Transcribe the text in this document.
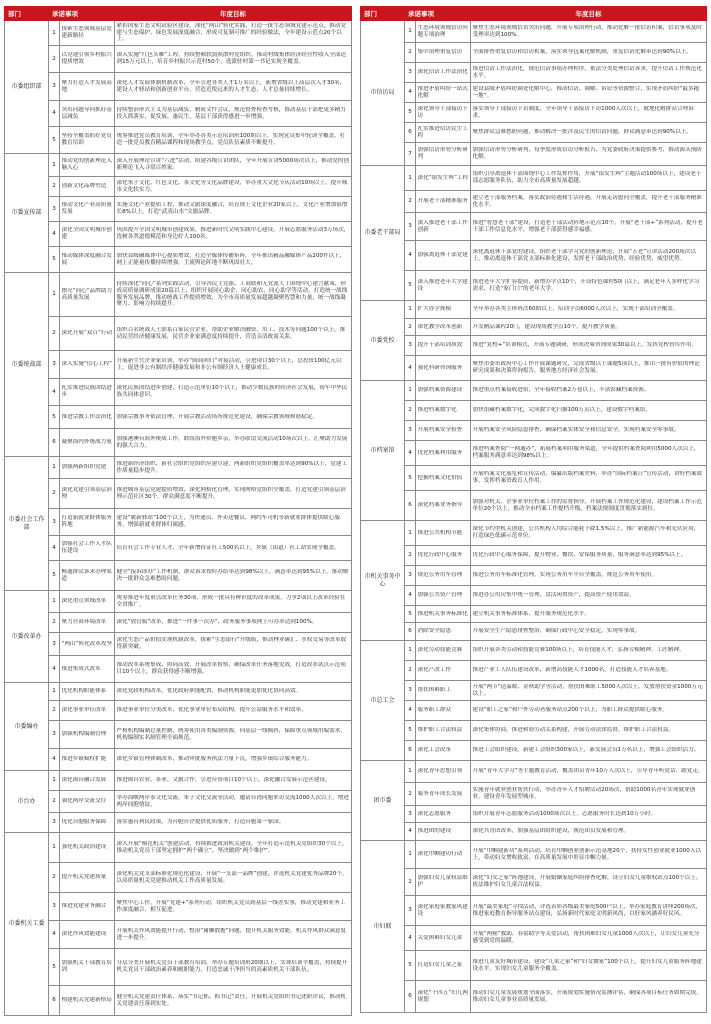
部门	承诺事项		年度目标
市委组织部	1	探索生态领域基层党建新路径	紧扣国家生态文明试验区建设，深化“两山”转化实践，打造一批生态领域党建示范点，推动党建与生态保护、绿色发展深度融合，形成可复制可推广的经验做法，全年建设示范点20个以上。

	2	以党建引领乡村振兴提质增效	深入实施“红色头雁”工程，持续整顿软弱涣散村党组织，推动村级集体经济经营性收入全部达到15万元以上，培育乡村振兴示范村50个，选派驻村第一书记实现全覆盖。

	3	聚力打造人才发展高地	深化人才发展体制机制改革，全年引进各类人才1万名以上，新增省级以上高层次人才30名，建设人才驿站和创新创业平台，营造近悦远来的人才生态，人才总量持续增长。

	4	突出问题导向抓好基层减负	持续整治形式主义为基层减负，精简文件会议，规范督查检查考核，推动基层干部把更多精力投入抓落实、促发展、惠民生，基层干部获得感进一步增强。

	5	坚持全覆盖抓好党员教育培训	统筹推进党员教育培训，全年举办各类示范培训班100期以上，实现党员集中轮训全覆盖，打造一批党员教育精品课程和现场教学点，党员队伍素质不断提升。

市委宣传部	1	推动党的创新理论入脑入心	深入开展理论宣讲“六进”活动，组建各级宣讲团队，全年开展宣讲5000场次以上，推动党的创新理论飞入寻常百姓家。

	2	创新文化品牌塑造	深化朱子文化、红色文化、茶文化等文化品牌建设，举办重大文化节庆活动10场以上，提升城市文化软实力。

	3	推动文化产业高质量发展	实施文化产业提质工程，推动文旅深度融合，培育规上文化企业20家以上，文化产业增加值增长8%以上，打造“武夷山水”文旅品牌。

	4	深化全国文明城市创建	巩固提升全国文明城市创建成果，推进新时代文明实践中心建设，开展志愿服务活动3万场次，选树各类道德模范和身边好人100名。

	5	推动媒体深度融合发展	加快县级融媒体中心提质增效，打造全媒体传播矩阵，全年推出精品融媒体产品200件以上，网上正能量传播持续增强，主流舆论阵地不断巩固壮大。

市委统战部	1	擦亮“同心”品牌助力高质量发展	持续深化“同心”系列实践活动，引导各民主党派、工商联和无党派人士围绕中心建言献策，形成高质量调研成果20篇以上；组织开展同心助企、同心助农、同心助学等活动，打造统一战线服务发展品牌，推动统战工作提质增效，为全市高质量发展超越凝聚智慧和力量，统一战线凝聚力、影响力持续提升。

	2	深化开展“双百”行动	组织百名统战人士联系百家民营企业，帮助企业解决融资、用工、技术等问题100个以上，推动民营经济健康发展，民营企业家满意度持续提升，营造亲清政商关系。

	3	深入实施“信心工程”	开展新生代企业家培训，举办“闽商回归”对接活动，引进项目30个以上，总投资100亿元以上，促进非公有制经济健康发展和非公有制经济人士健康成长。

	4	扎实推进民族团结进步	深化民族团结进步创建，打造示范单位10个以上，推动少数民族村经济社会发展，铸牢中华民族共同体意识。

	5	推进宗教工作法治化	加强宗教事务依法管理，开展宗教活动场所规范化建设，确保宗教领域和谐稳定。

	6	凝聚海内外统战力量	加强港澳台海外统战工作，联络海外侨胞乡亲，举办联谊交流活动10场次以上，汇聚助力发展的强大合力。

市委社会工作部	1	加强两新组织党建	推进新经济组织、新社会组织党组织应建尽建，两新组织党组织覆盖率达到90%以上，党建工作质量稳步提升。

	2	深化党建引领基层治理	推进城市基层党建提质增效，深化网格化管理，实现网格党组织全覆盖，打造党建引领基层治理示范社区30个，群众满意度不断提升。

	3	打造新就业群体服务阵地	建设“暖新驿站”100个以上，为快递员、外卖送餐员、网约车司机等新就业群体提供暖心服务，增强新就业群体归属感。

	4	加强社会工作人才队伍建设	培育社会工作专业人才，全年新增持证社工500名以上，乡镇（街道）社工站实现全覆盖。

	5	畅通群众诉求办理渠道	健全“接诉即办”工作机制，群众诉求按时办结率达到98%以上，满意率达到95%以上，推动解决一批群众急难愁盼问题。

市委改革办	1	深化重点领域改革	统筹推进年度重点改革任务30项，形成一批具有辨识度的改革成果，力争2项以上改革经验在全省推广。

	2	聚力营商环境改革	深化“放管服”改革，推进“一件事一次办”，政务服务事项网上可办率达到100%。

	3	“两山”转化改革攻坚	深化生态产品价值实现机制改革，探索“生态银行”升级版，推动林业碳汇、水权交易等改革取得新突破。

	4	推进集成式改革	推动改革系统集成、协同高效，开展改革督察，确保改革任务落地见效，打造改革试点示范项目10个以上，群众获得感不断增强。

市委编办	1	优化机构职能体系	深化党政机构改革，优化政府职能配置，推动机构职能更加优化协同高效。

	2	深化事业单位改革	推进事业单位分类改革，优化事业单位布局结构，提升公益服务水平和效率。

	3	加强机构编制管理	严格机构编制总量控制，统筹使用各类编制资源，向基层一线倾斜，保障重点领域用编需求，机构编制实名制管理全面规范。

	4	推进乡镇赋权扩能	深化乡镇管理体制改革，推动审批服务执法力量下沉，增强乡镇综合服务能力。

市台办	1	深化闽台融合发展	推进闽台农业、茶业、文旅合作，引进台资项目10个以上，深化融合发展示范区建设。

	2	强化两岸交流交往	举办海峡两岸茶文化交流、朱子文化交流等活动，邀请台湾同胞来访交流1000人次以上，增进两岸同胞情谊。

	3	优化台胞服务保障	落实惠台利民政策，为台胞台企提供优质服务，打造台胞第一家园。

市委机关工委	1	强化机关政治建设	深入开展“模范机关”创建活动，持续推进政治机关建设，全年打造示范机关党组织30个以上，推动机关党员干部坚定拥护“两个确立”、坚决做到“两个维护”。

	2	提升机关党建质量	深化机关党支部标准化规范化建设，开展“一支部一品牌”创建，评选机关党建优秀品牌20个，以高质量机关党建推动机关工作高质量发展。

	3	推进党建业务融合	聚焦中心工作，开展“党建+”系列行动，组织机关党员到基层一线办实事，推动党建和业务工作深度融合、相互促进。

	4	深化作风效能建设	开展机关作风效能提升行动，整治“庸懒散拖”问题，提升机关服务效能，机关作风群众满意度进一步提升。

	5	加强机关干部教育培训	分层分类开展机关党员干部教育培训，举办专题培训班20期以上，实现培训全覆盖，持续提升机关党员干部政治素养和履职能力，打造忠诚干净担当的高素质机关干部队伍。

	6	构建机关党建新格局	健全机关党建责任体系，落实“书记抓、抓书记”责任，开展机关党组织书记述职评议，推动机关党建责任落到实处。
部门	承诺事项		年度目标
市信访局	1	生态环境领域信访问题专项治理	聚焦生态环境领域信访突出问题，开展专项治理行动，推动化解一批信访积案，信访事项及时受理率达到100%。

	2	集中治理重复信访	全面排查重复信访和信访积案，落实领导包案化解机制，重复信访化解率达到90%以上。

	3	深化信访工作法治化	推进信访工作法治化，规范信访事项办理程序，依法分类处理信访诉求，提升信访工作规范化水平。

	4	推进矛盾纠纷一站式化解	建设县级矛盾纠纷调处化解中心，推动信访、调解、诉讼等资源整合，实现矛盾纠纷“最多跑一地”。

	5	深化领导干部接访下访	落实领导干部接访下访制度，全年领导干部接访下访1000人次以上，就地化解群众合理诉求。

	6	扎实推进信访民生工程	聚焦群众急难愁盼问题，推动解决一批涉及民生的信访问题，群众满意率达到90%以上。

	7	加强信访形势分析研判	加强信访形势分析研判，每季度形成信访分析报告，为党委政府决策提供参考，推动源头预防化解。

市委老干部局	1	深化“银发生辉”工程	组织引导离退休干部围绕中心工作发挥作用，开展“银发生辉”主题活动100场以上，建设老干部志愿服务队伍，助力全市高质量发展超越。

	2	开展老干部精准服务	建立老干部服务档案，落实政治待遇和生活待遇，开展走访慰问全覆盖，提升老干部服务精准化水平。

	3	深入推进老干部工作创新	推进“智慧老干部”建设，打造老干部活动阵地示范点10个，开展“老干部+”系列活动，提升老干部工作信息化水平，增强老干部获得感幸福感。

	4	加强离退休干部党建	深化离退休干部党的建设，组织老干部学习党的创新理论，开展“五老”宣讲活动200场次以上，推动离退休干部党支部标准化建设，发挥老干部政治优势、经验优势、威望优势。

	5	深入推进老年大学建设	推进老年大学扩容提质，新增办学点10个，开设特色课程50门以上，满足老年人多样化学习需求，打造“家门口”的老年大学。

市委党校	1	扩大办学规模	全年举办各类主体班次60期以上，培训学员6000人次以上，实现干部培训全覆盖。

	2	深化教学改革创新	开发精品课程20门，建设现场教学点10个，提升教学质量。

	3	提升干部培训质效	推进“党校+”培训模式，开展专题调研，形成决策咨询成果30篇以上，发挥党校智库作用。

	4	强化科研咨询服务	聚焦市委市政府中心工作开展课题研究，完成省级以上课题5项以上，推出一批有价值的理论研究成果和决策咨询报告，服务地方经济社会发展。

市档案馆	1	加强档案资源建设	推进重点档案接收进馆，全年接收档案2万卷以上，丰富馆藏档案资源。

	2	推进档案数字化	加快馆藏档案数字化，完成数字化扫描100万页以上，建设数字档案馆。

	3	开展档案安全检查	开展档案安全风险隐患排查，确保档案实体安全和信息安全，实现档案安全零事故。

	4	优化档案利用服务	推进档案查阅“一网通办”，拓展档案利用服务渠道，全年提供档案查阅利用5000人次以上，档案服务满意率达到98%以上。

	5	挖掘档案文化价值	开展档案文化展览和宣传活动，编纂出版档案史料，举办“国际档案日”宣传活动，讲好档案故事，发挥档案资政育人作用。

	6	深化档案业务指导	加强对机关、企事业单位档案工作的监督指导，开展档案工作规范化建设，建设档案工作示范单位20个以上，推动全市档案工作提档升级，档案法规制度贯彻落实到位。

市机关事务中心	1	推进公共机构节能	深化节约型机关创建，公共机构人均综合能耗下降1.5%以上，推广新能源汽车和光伏应用，打造绿色低碳示范单位。

	2	优化行政中心服务	优化行政中心服务保障，提升物业、餐饮、安保服务质量，服务满意率达到95%以上。

	3	规范公务用车管理	推进公务用车标准化管理，实现公务用车平台全覆盖，规范公务用车使用。

	4	加强公共资产管理	推进办公用房集中统一管理，盘活闲置资产，提高资产使用效益。

	5	推进机关事务标准化	建立机关事务标准体系，提升服务规范化水平。

	6	消除安全隐患	开展安全生产隐患排查整治，确保行政中心安全稳定，实现零事故。

市总工会	1	深化劳动技能竞赛	组织开展各类劳动和技能竞赛100场以上，培育技能人才，弘扬劳模精神、工匠精神。

	2	深化产改工作	推进产业工人队伍建设改革，新增高技能人才1000名，打造技能人才培养基地。

	3	帮扶困难职工	开展“两节”送温暖、金秋助学等活动，帮扶困难职工5000人次以上，发放帮扶资金1000万元以上。

	4	服务职工群众	建设“职工之家”和户外劳动者服务站点200个以上，为职工群众提供暖心服务。

	5	维护职工合法权益	深化集体协商，推进和谐劳动关系构建，开展劳动法律监督，维护职工合法权益。

	6	深化工会改革	推进工会组织建设，新建工会组织300家以上，新发展会员1万名以上，增强工会组织活力。

团市委	1	深化青年思想引领	开展“青年大学习”等主题教育活动，覆盖团员青年10万人次以上，引导青年听党话、跟党走。

	2	服务青年成长发展	实施青年就业创业帮扶行动，举办青年人才招聘活动20场次，帮助1000名青年实现就业创业，建设青年发展型城市。

	3	深化志愿服务	组织开展青年志愿服务活动1000场次以上，志愿服务时长达到10万小时。

	4	推进团的建设	深化共青团改革，加强基层团组织建设，规范团员发展和管理。

市妇联	1	深化巾帼建功行动	开展“巾帼建新功”系列活动，培育巾帼创业创新示范基地20个，扶持女性创业就业1000人以上，带动妇女增收致富，在高质量发展中彰显巾帼力量。

	2	加强妇女儿童权益维护	深化“妇女之家”阵地建设，开展婚姻家庭纠纷排查化解，设立妇女儿童维权站点100个以上，依法维护妇女儿童合法权益。

	3	深化家庭家教家风建设	开展“最美家庭”寻找活动，评选表彰各级最美家庭500户以上，举办家庭教育讲座200场次，推进家庭教育指导服务站点建设，弘扬新时代家庭文明新风尚，以好家风涵养好民风。

	4	关爱困难妇女儿童	开展“两癌”救助、春蕾助学等关爱活动，帮扶困难妇女儿童1000人次以上，让妇女儿童充分感受到党的温暖。

	5	打造妇女儿童之家	推进儿童友好城市建设，建设“儿童之家”和“妇女微家”100个以上，提升妇女儿童服务阵地建设水平，实现妇女儿童服务全覆盖。

	6	深化“十四五”妇儿两规划	推动妇女儿童发展规划全面落实，开展规划实施情况监测评估，确保各项目标任务如期完成，推动妇女儿童事业高质量发展。
